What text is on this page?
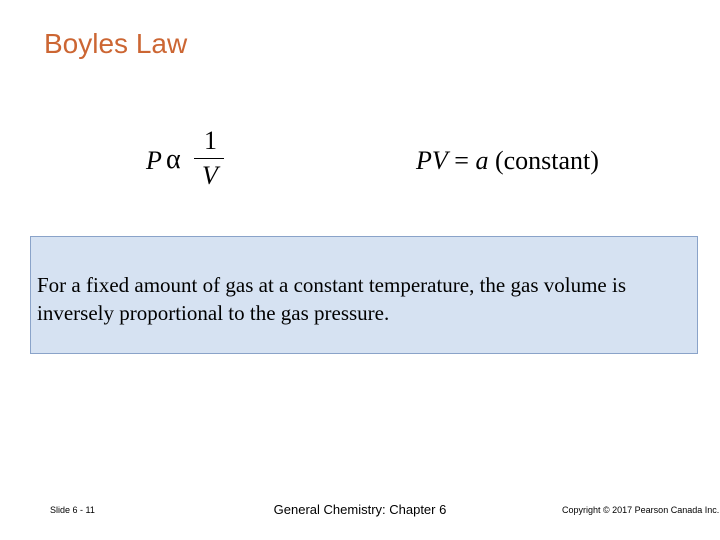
Boyles Law
P α
1
V
PV = a (constant)
For a fixed amount of gas at a constant temperature, the gas volume is inversely proportional to the gas pressure.
Slide 6 - 11	General Chemistry: Chapter 6	Copyright © 2017 Pearson Canada Inc.
